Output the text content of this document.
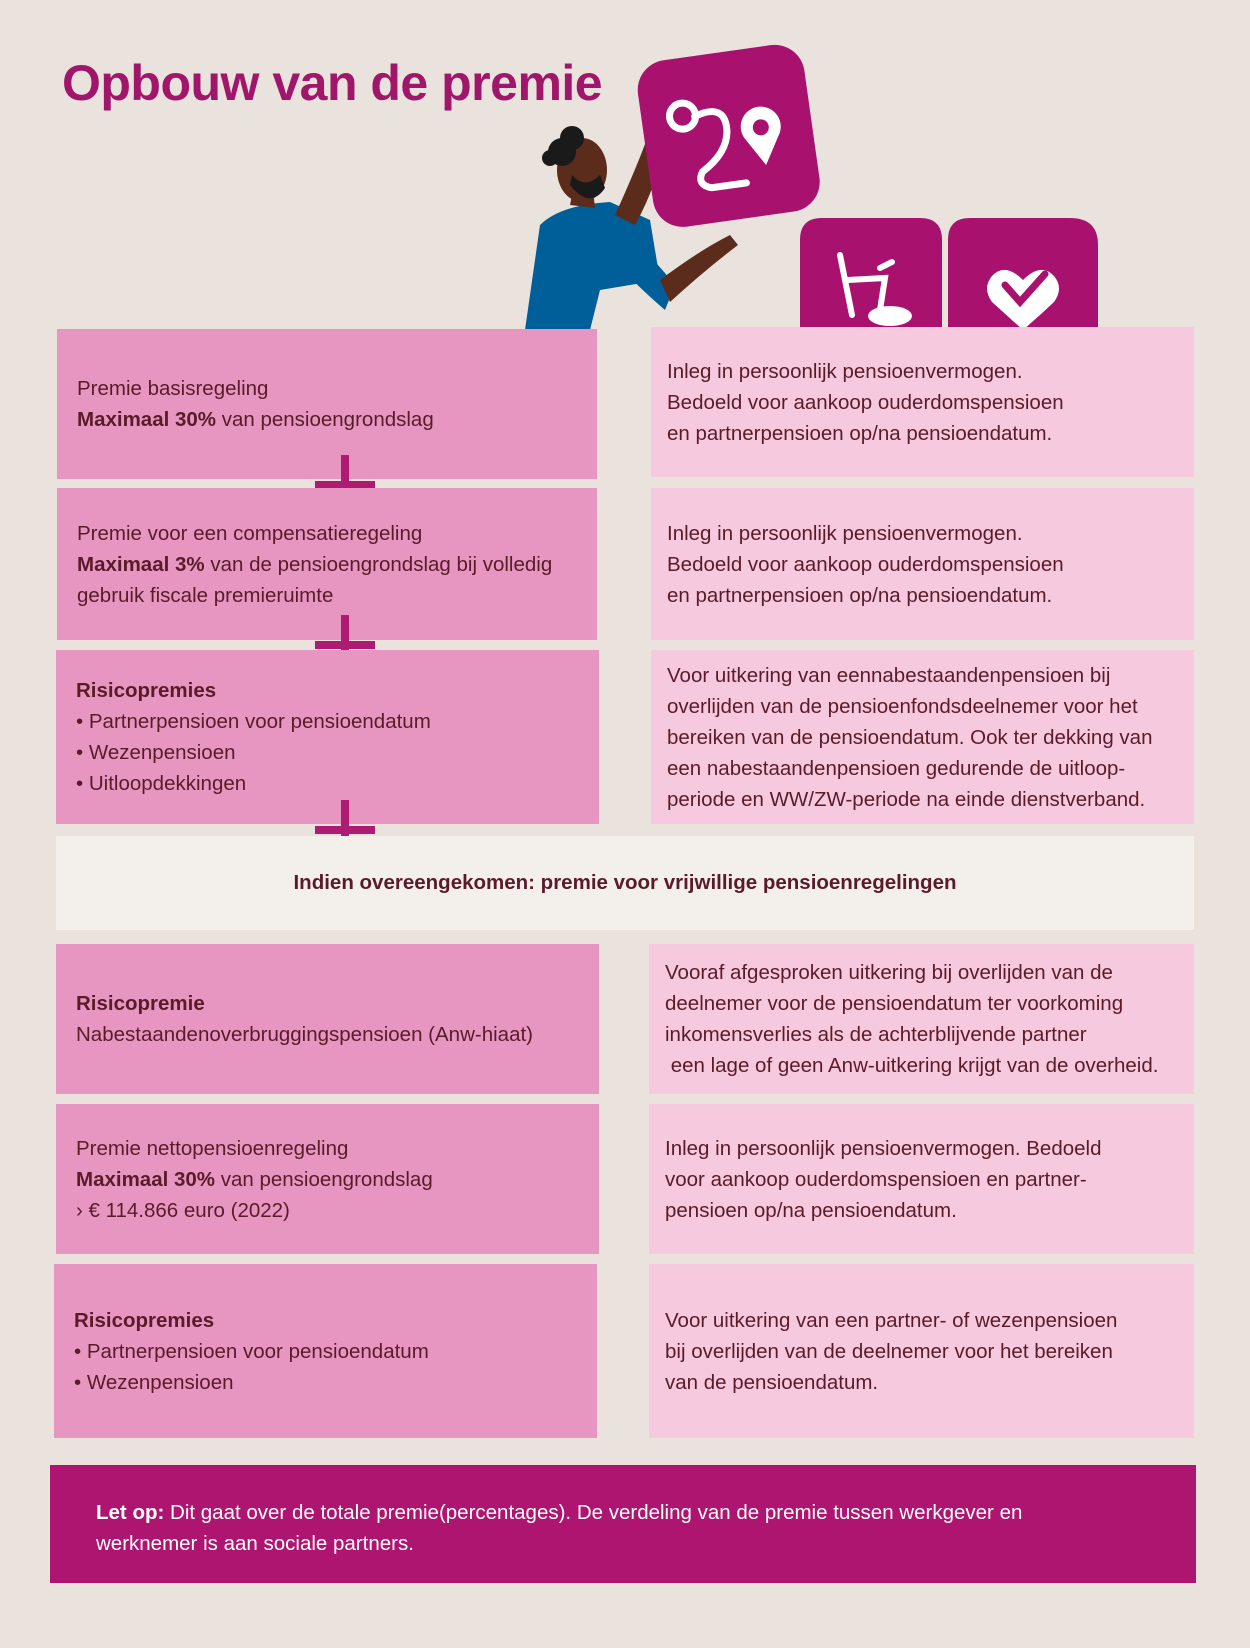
Opbouw van de premie
Premie basisregeling
Maximaal 30% van pensioengrondslag
Inleg in persoonlijk pensioenvermogen.
Bedoeld voor aankoop ouderdomspensioen
en partnerpensioen op/na pensioendatum.
Premie voor een compensatieregeling
Maximaal 3% van de pensioengrondslag bij volledig
gebruik fiscale premieruimte
Inleg in persoonlijk pensioenvermogen.
Bedoeld voor aankoop ouderdomspensioen
en partnerpensioen op/na pensioendatum.
Risicopremies
• Partnerpensioen voor pensioendatum
• Wezenpensioen
• Uitloopdekkingen
Voor uitkering van eennabestaandenpensioen bij
overlijden van de pensioenfondsdeelnemer voor het
bereiken van de pensioendatum. Ook ter dekking van
een nabestaandenpensioen gedurende de uitloop-
periode en WW/ZW-periode na einde dienstverband.
Risicopremie
Nabestaandenoverbruggingspensioen (Anw-hiaat)
Vooraf afgesproken uitkering bij overlijden van de
deelnemer voor de pensioendatum ter voorkoming
inkomensverlies als de achterblijvende partner
een lage of geen Anw-uitkering krijgt van de overheid.
Premie nettopensioenregeling
Maximaal 30% van pensioengrondslag
› € 114.866 euro (2022)
Inleg in persoonlijk pensioenvermogen. Bedoeld
voor aankoop ouderdomspensioen en partner-
pensioen op/na pensioendatum.
Risicopremies
• Partnerpensioen voor pensioendatum
• Wezenpensioen
Voor uitkering van een partner- of wezenpensioen
bij overlijden van de deelnemer voor het bereiken
van de pensioendatum.
Indien overeengekomen: premie voor vrijwillige pensioenregelingen
Let op: Dit gaat over de totale premie(percentages). De verdeling van de premie tussen werkgever en
werknemer is aan sociale partners.
